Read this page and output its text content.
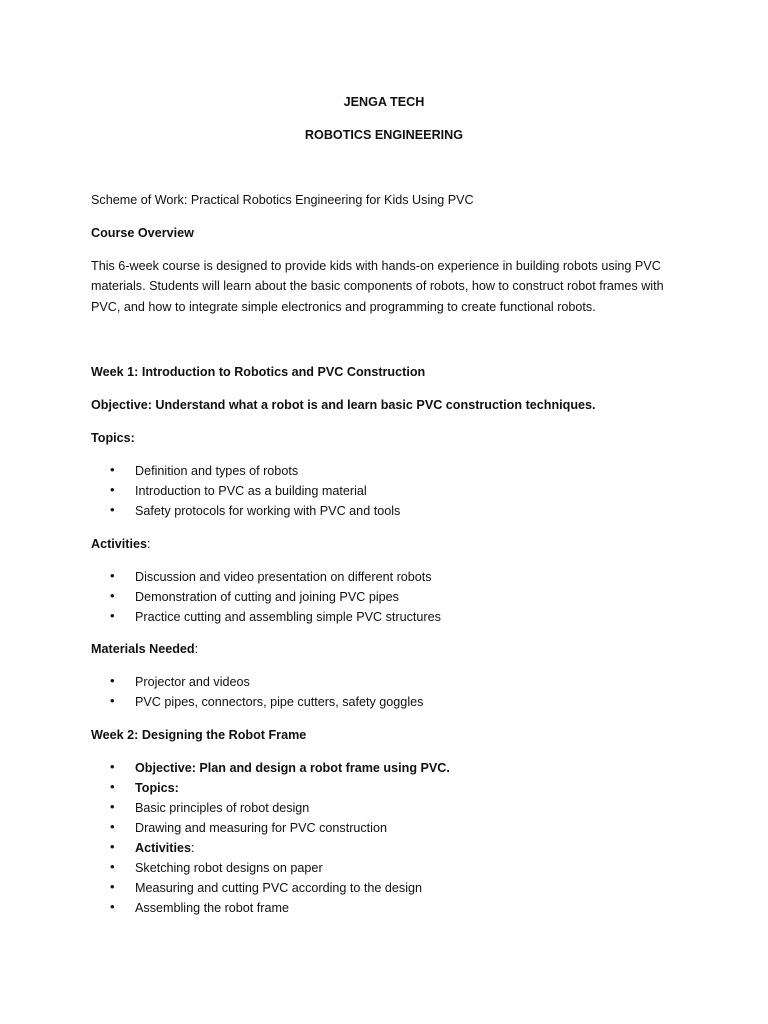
JENGA TECH

ROBOTICS ENGINEERING

Scheme of Work: Practical Robotics Engineering for Kids Using PVC

Course Overview

This 6-week course is designed to provide kids with hands-on experience in building robots using PVC

materials. Students will learn about the basic components of robots, how to construct robot frames with

PVC, and how to integrate simple electronics and programming to create functional robots.

Week 1: Introduction to Robotics and PVC Construction

Objective: Understand what a robot is and learn basic PVC construction techniques.

Topics:

• Definition and types of robots
• Introduction to PVC as a building material
• Safety protocols for working with PVC and tools

Activities:

• Discussion and video presentation on different robots
• Demonstration of cutting and joining PVC pipes
• Practice cutting and assembling simple PVC structures

Materials Needed:

• Projector and videos
• PVC pipes, connectors, pipe cutters, safety goggles

Week 2: Designing the Robot Frame

• Objective: Plan and design a robot frame using PVC.
• Topics:
• Basic principles of robot design
• Drawing and measuring for PVC construction
• Activities:
• Sketching robot designs on paper
• Measuring and cutting PVC according to the design
• Assembling the robot frame
